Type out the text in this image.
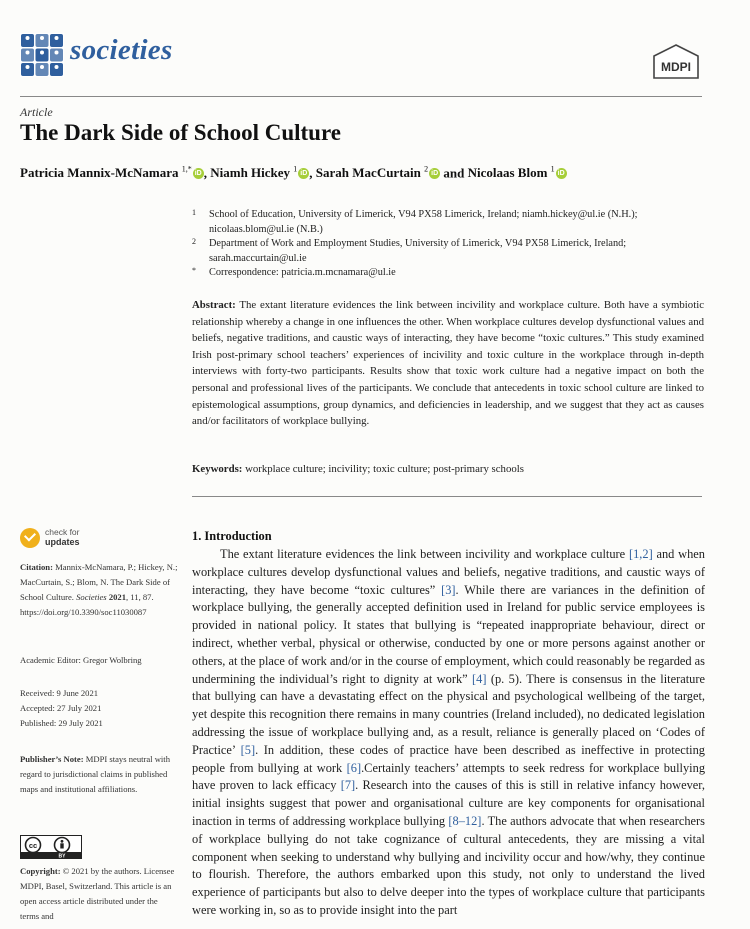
societies
MDPI
Article
The Dark Side of School Culture
Patricia Mannix-McNamara $^{1,*}$ iD , Niamh Hickey $^1$ iD , Sarah MacCurtain $^2$ iD and Nicolaas Blom $^1$ iD
1 School of Education, University of Limerick, V94 PX58 Limerick, Ireland; niamh.hickey@ul.ie (N.H.); nicolaas.blom@ul.ie (N.B.)
2 Department of Work and Employment Studies, University of Limerick, V94 PX58 Limerick, Ireland; sarah.maccurtain@ul.ie
* Correspondence: patricia.m.mcnamara@ul.ie
Abstract: The extant literature evidences the link between incivility and workplace culture. Both have a symbiotic relationship whereby a change in one influences the other. When workplace cultures develop dysfunctional values and beliefs, negative traditions, and caustic ways of interacting, they have become “toxic cultures.” This study examined Irish post-primary school teachers’ experiences of incivility and toxic culture in the workplace through in-depth interviews with forty-two participants. Results show that toxic work culture had a negative impact on both the personal and professional lives of the participants. We conclude that antecedents in toxic school culture are linked to epistemological assumptions, group dynamics, and deficiencies in leadership, and we suggest that they act as causes and/or facilitators of workplace bullying.
Keywords: workplace culture; incivility; toxic culture; post-primary schools
check for
updates
Citation: Mannix-McNamara, P.; Hickey, N.; MacCurtain, S.; Blom, N. The Dark Side of School Culture. Societies 2021, 11, 87. https://doi.org/10.3390/soc11030087
Academic Editor: Gregor Wolbring
Received: 9 June 2021
Accepted: 27 July 2021
Published: 29 July 2021
Publisher’s Note: MDPI stays neutral with regard to jurisdictional claims in published maps and institutional affiliations.
cc
BY
Copyright: © 2021 by the authors. Licensee MDPI, Basel, Switzerland. This article is an open access article distributed under the terms and
1. Introduction
The extant literature evidences the link between incivility and workplace culture [1,2] and when workplace cultures develop dysfunctional values and beliefs, negative traditions, and caustic ways of interacting, they have become “toxic cultures” [3]. While there are variances in the definition of workplace bullying, the generally accepted definition used in Ireland for public service employees is provided in national policy. It states that bullying is “repeated inappropriate behaviour, direct or indirect, whether verbal, physical or otherwise, conducted by one or more persons against another or others, at the place of work and/or in the course of employment, which could reasonably be regarded as undermining the individual’s right to dignity at work” [4] (p. 5). There is consensus in the literature that bullying can have a devastating effect on the physical and psychological wellbeing of the target, yet despite this recognition there remains in many countries (Ireland included), no dedicated legislation addressing the issue of workplace bullying and, as a result, reliance is generally placed on ‘Codes of Practice’ [5]. In addition, these codes of practice have been described as ineffective in protecting people from bullying at work [6].Certainly teachers’ attempts to seek redress for workplace bullying have proven to lack efficacy [7]. Research into the causes of this is still in relative infancy however, initial insights suggest that power and organisational culture are key components for organisational inaction in terms of addressing workplace bullying [8–12]. The authors advocate that when researchers of workplace bullying do not take cognizance of cultural antecedents, they are missing a vital component when seeking to understand why bullying and incivility occur and how/why, they continue to flourish. Therefore, the authors embarked upon this study, not only to understand the lived experience of participants but also to delve deeper into the types of workplace culture that participants were working in, so as to provide insight into the part
